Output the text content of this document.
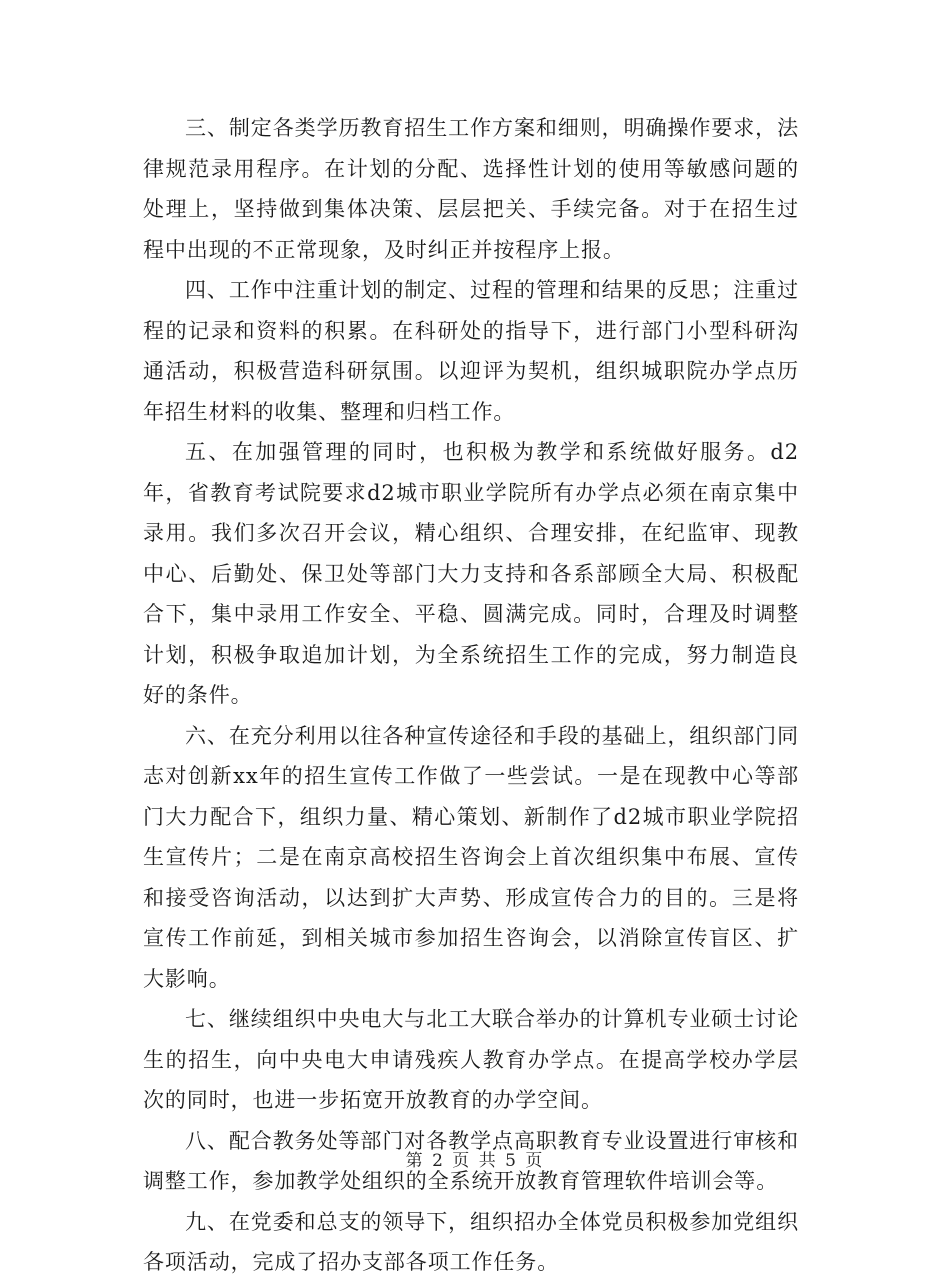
三、制定各类学历教育招生工作方案和细则，明确操作要求，法律规范录用程序。在计划的分配、选择性计划的使用等敏感问题的处理上，坚持做到集体决策、层层把关、手续完备。对于在招生过程中出现的不正常现象，及时纠正并按程序上报。

四、工作中注重计划的制定、过程的管理和结果的反思；注重过程的记录和资料的积累。在科研处的指导下，进行部门小型科研沟通活动，积极营造科研氛围。以迎评为契机，组织城职院办学点历年招生材料的收集、整理和归档工作。

五、在加强管理的同时，也积极为教学和系统做好服务。d2年，省教育考试院要求d2城市职业学院所有办学点必须在南京集中录用。我们多次召开会议，精心组织、合理安排，在纪监审、现教中心、后勤处、保卫处等部门大力支持和各系部顾全大局、积极配合下，集中录用工作安全、平稳、圆满完成。同时，合理及时调整计划，积极争取追加计划，为全系统招生工作的完成，努力制造良好的条件。

六、在充分利用以往各种宣传途径和手段的基础上，组织部门同志对创新xx年的招生宣传工作做了一些尝试。一是在现教中心等部门大力配合下，组织力量、精心策划、新制作了d2城市职业学院招生宣传片；二是在南京高校招生咨询会上首次组织集中布展、宣传和接受咨询活动，以达到扩大声势、形成宣传合力的目的。三是将宣传工作前延，到相关城市参加招生咨询会，以消除宣传盲区、扩大影响。

七、继续组织中央电大与北工大联合举办的计算机专业硕士讨论生的招生，向中央电大申请残疾人教育办学点。在提高学校办学层次的同时，也进一步拓宽开放教育的办学空间。

八、配合教务处等部门对各教学点高职教育专业设置进行审核和调整工作，参加教学处组织的全系统开放教育管理软件培训会等。

九、在党委和总支的领导下，组织招办全体党员积极参加党组织各项活动，完成了招办支部各项工作任务。

第 2 页 共 5 页
